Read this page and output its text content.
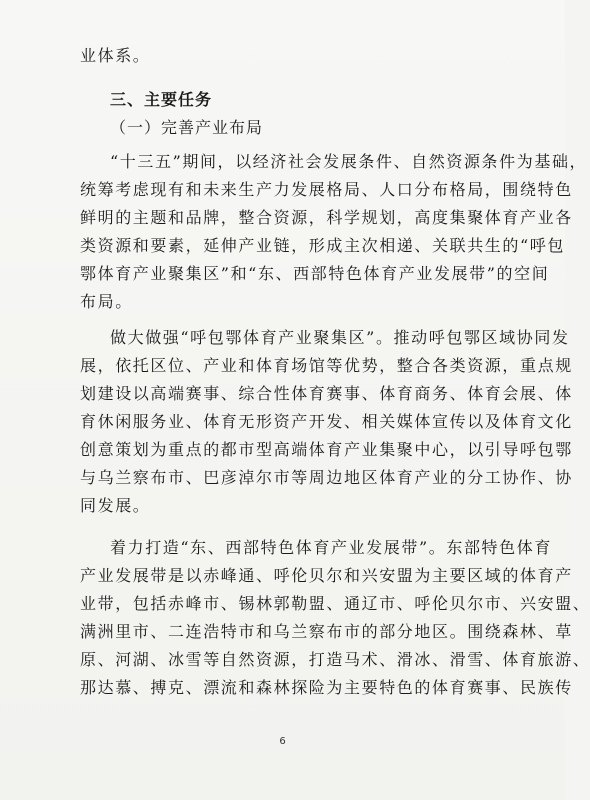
业体系。
三、主要任务
（一）完善产业布局
“十三五”期间，以经济社会发展条件、自然资源条件为基础，
统筹考虑现有和未来生产力发展格局、人口分布格局，围绕特色
鲜明的主题和品牌，整合资源，科学规划，高度集聚体育产业各
类资源和要素，延伸产业链，形成主次相递、关联共生的“呼包
鄂体育产业聚集区”和“东、西部特色体育产业发展带”的空间
布局。
做大做强“呼包鄂体育产业聚集区”。推动呼包鄂区域协同发
展，依托区位、产业和体育场馆等优势，整合各类资源，重点规
划建设以高端赛事、综合性体育赛事、体育商务、体育会展、体
育休闲服务业、体育无形资产开发、相关媒体宣传以及体育文化
创意策划为重点的都市型高端体育产业集聚中心，以引导呼包鄂
与乌兰察布市、巴彦淖尔市等周边地区体育产业的分工协作、协
同发展。
着力打造“东、西部特色体育产业发展带”。东部特色体育
产业发展带是以赤峰通、呼伦贝尔和兴安盟为主要区域的体育产
业带，包括赤峰市、锡林郭勒盟、通辽市、呼伦贝尔市、兴安盟、
满洲里市、二连浩特市和乌兰察布市的部分地区。围绕森林、草
原、河湖、冰雪等自然资源，打造马术、滑冰、滑雪、体育旅游、
那达慕、搏克、漂流和森林探险为主要特色的体育赛事、民族传
6
